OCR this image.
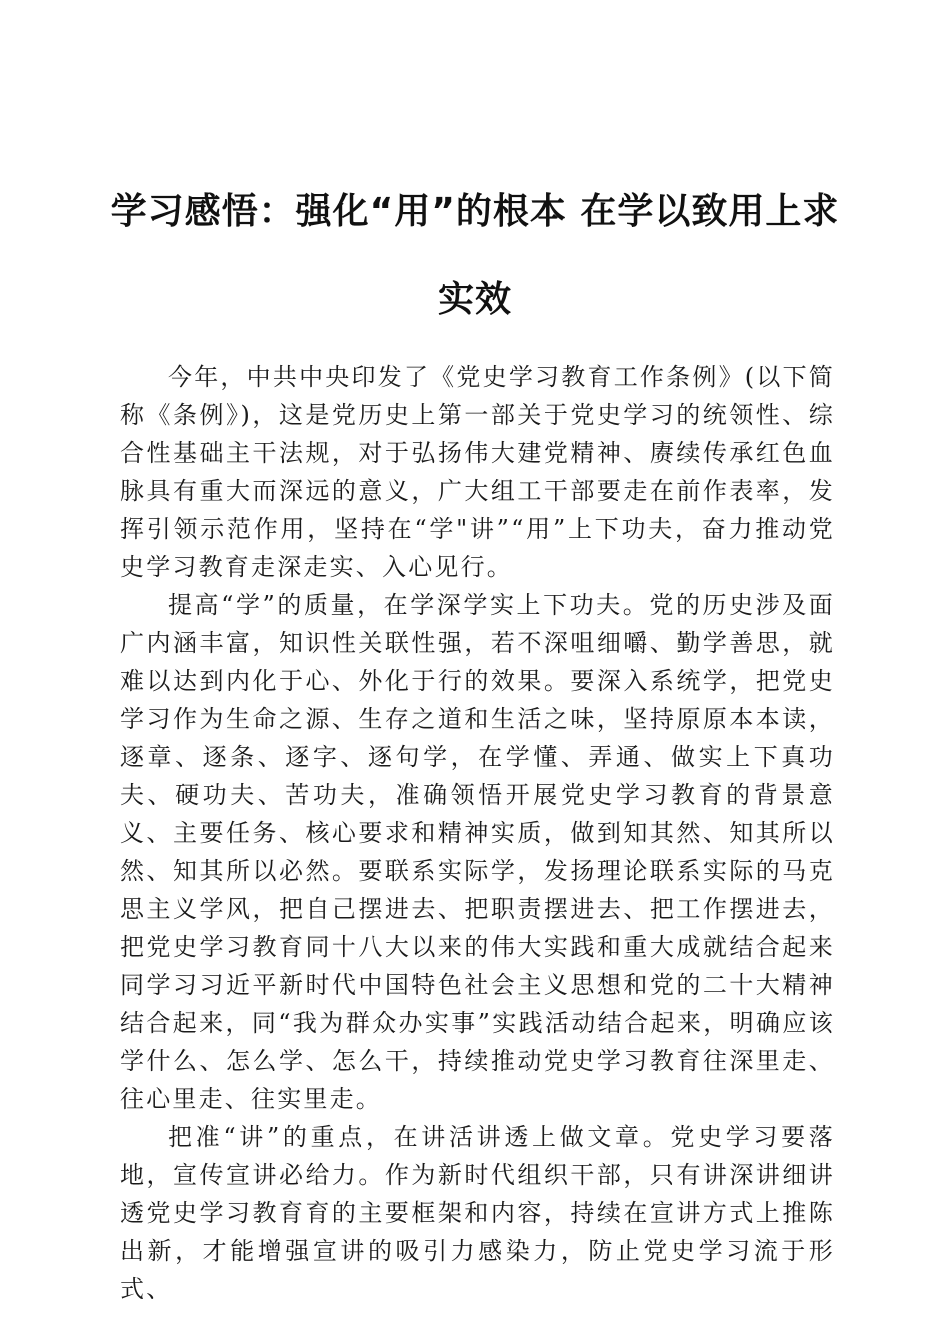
学习感悟：强化“用”的根本 在学以致用上求实效

今年，中共中央印发了《党史学习教育工作条例》(以下简称《条例》)，这是党历史上第一部关于党史学习的统领性、综合性基础主干法规，对于弘扬伟大建党精神、赓续传承红色血脉具有重大而深远的意义，广大组工干部要走在前作表率，发挥引领示范作用，坚持在“学"讲”“用”上下功夫，奋力推动党史学习教育走深走实、入心见行。

提高“学”的质量，在学深学实上下功夫。党的历史涉及面广内涵丰富，知识性关联性强，若不深咀细嚼、勤学善思，就难以达到内化于心、外化于行的效果。要深入系统学，把党史学习作为生命之源、生存之道和生活之味，坚持原原本本读，逐章、逐条、逐字、逐句学，在学懂、弄通、做实上下真功夫、硬功夫、苦功夫，准确领悟开展党史学习教育的背景意义、主要任务、核心要求和精神实质，做到知其然、知其所以然、知其所以必然。要联系实际学，发扬理论联系实际的马克思主义学风，把自己摆进去、把职责摆进去、把工作摆进去，把党史学习教育同十八大以来的伟大实践和重大成就结合起来同学习习近平新时代中国特色社会主义思想和党的二十大精神结合起来，同“我为群众办实事”实践活动结合起来，明确应该学什么、怎么学、怎么干，持续推动党史学习教育往深里走、往心里走、往实里走。

把准“讲”的重点，在讲活讲透上做文章。党史学习要落地，宣传宣讲必给力。作为新时代组织干部，只有讲深讲细讲透党史学习教育育的主要框架和内容，持续在宣讲方式上推陈出新，才能增强宣讲的吸引力感染力，防止党史学习流于形式、
